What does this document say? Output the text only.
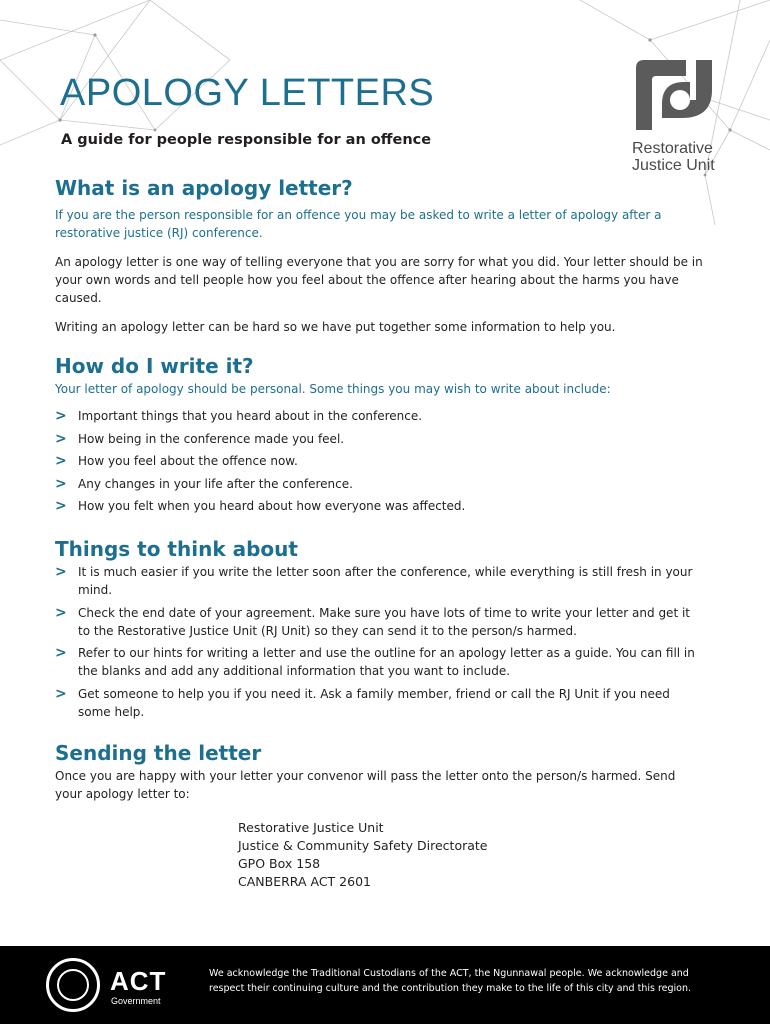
APOLOGY LETTERS
A guide for people responsible for an offence	Restorative
Justice Unit
What is an apology letter?
If you are the person responsible for an offence you may be asked to write a letter of apology after a restorative justice (RJ) conference.

An apology letter is one way of telling everyone that you are sorry for what you did. Your letter should be in your own words and tell people how you feel about the offence after hearing about the harms you have caused.

Writing an apology letter can be hard so we have put together some information to help you.

How do I write it?
Your letter of apology should be personal. Some things you may wish to write about include:
> Important things that you heard about in the conference.
> How being in the conference made you feel.
> How you feel about the offence now.
> Any changes in your life after the conference.
> How you felt when you heard about how everyone was affected.
Things to think about
> It is much easier if you write the letter soon after the conference, while everything is still fresh in your mind.
> Check the end date of your agreement. Make sure you have lots of time to write your letter and get it to the Restorative Justice Unit (RJ Unit) so they can send it to the person/s harmed.
> Refer to our hints for writing a letter and use the outline for an apology letter as a guide. You can fill in the blanks and add any additional information that you want to include.
> Get someone to help you if you need it. Ask a family member, friend or call the RJ Unit if you need some help.
Sending the letter
Once you are happy with your letter your convenor will pass the letter onto the person/s harmed. Send your apology letter to:
Restorative Justice Unit
Justice & Community Safety Directorate
GPO Box 158
CANBERRA ACT 2601
ACT
Government
We acknowledge the Traditional Custodians of the ACT, the Ngunnawal people. We acknowledge and respect their continuing culture and the contribution they make to the life of this city and this region.
